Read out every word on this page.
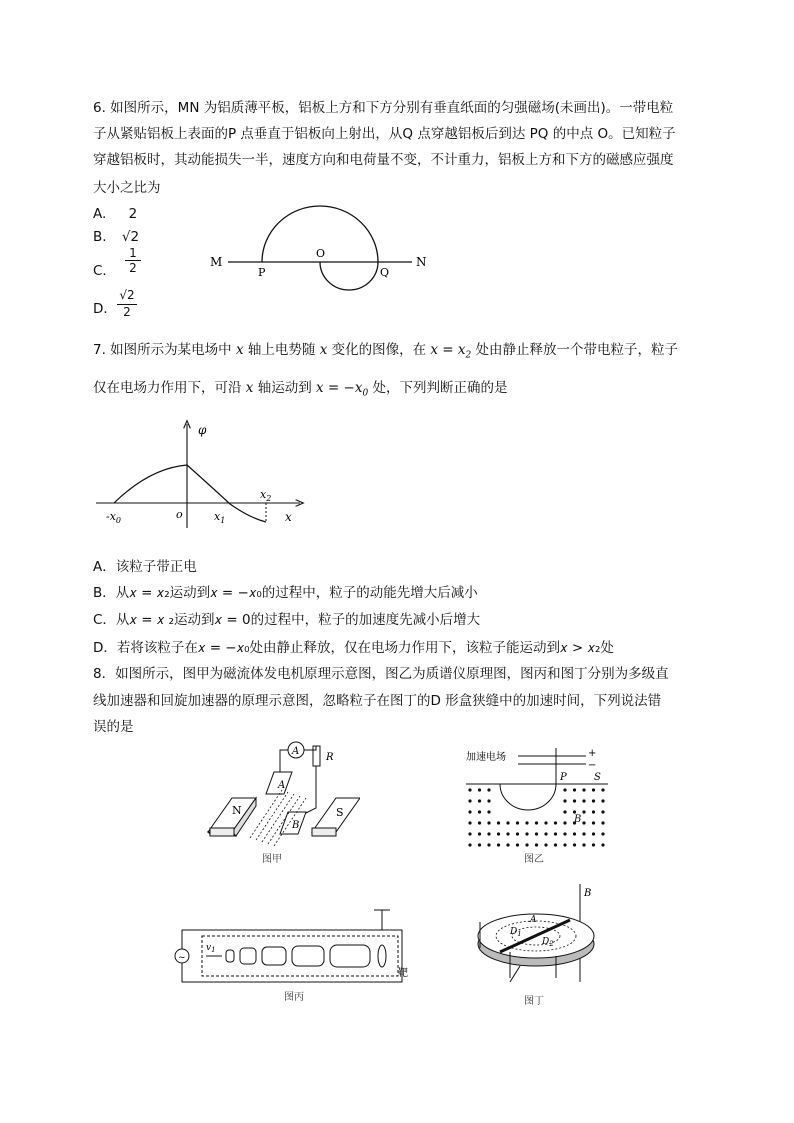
6. 如图所示，MN 为铝质薄平板，铝板上方和下方分别有垂直纸面的匀强磁场(未画出)。一带电粒
子从紧贴铝板上表面的P 点垂直于铝板向上射出，从Q 点穿越铝板后到达 PQ 的中点 O。已知粒子
穿越铝板时，其动能损失一半，速度方向和电荷量不变，不计重力，铝板上方和下方的磁感应强度
大小之比为
A. 2
B. √2
C． $\frac{1}{2}$
D． $\frac{√2}{2}$
M	N
P
O
Q
7. 如图所示为某电场中 x 轴上电势随 x 变化的图像，在 $x = x_2$ 处由静止释放一个带电粒子，粒子
仅在电场力作用下，可沿 x 轴运动到 $x = -x_0$ 处，下列判断正确的是
φ
x
o
$-x_0$	$x_1$
$x_2$
A．该粒子带正电
B．从𝑥 = 𝑥₂运动到𝑥 = −𝑥₀的过程中，粒子的动能先增大后减小
C．从𝑥 = 𝑥 ₂运动到𝑥 = 0的过程中，粒子的加速度先减小后增大
D．若将该粒子在𝑥 = −𝑥₀处由静止释放，仅在电场力作用下，该粒子能运动到𝑥 > 𝑥₂处
8．如图所示，图甲为磁流体发电机原理示意图，图乙为质谱仪原理图，图丙和图丁分别为多级直
线加速器和回旋加速器的原理示意图，忽略粒子在图丁的D 形盒狭缝中的加速时间，下列说法错
误的是
A
R
N	S
A
B
图甲
加速电场	+
−
P	S
B
图乙
~
$v_1$
靶
图丙
B
$D_1$
$D_2$
A
图丁
